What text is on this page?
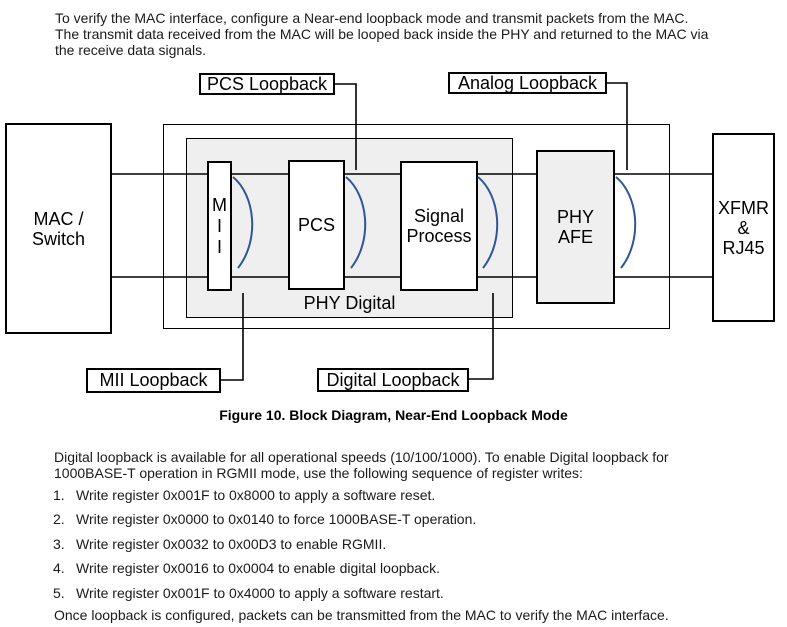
To verify the MAC interface, configure a Near-end loopback mode and transmit packets from the MAC.
The transmit data received from the MAC will be looped back inside the PHY and returned to the MAC via
the receive data signals.
PHY Digital
MAC /
Switch
M
I
I
PCS	Signal
Process
PHY
AFE
XFMR
&
RJ45
PCS Loopback	Analog Loopback
MII Loopback	Digital Loopback
Figure 10. Block Diagram, Near-End Loopback Mode
Digital loopback is available for all operational speeds (10/100/1000). To enable Digital loopback for
1000BASE-T operation in RGMII mode, use the following sequence of register writes:
1. Write register 0x001F to 0x8000 to apply a software reset.
2. Write register 0x0000 to 0x0140 to force 1000BASE-T operation.
3. Write register 0x0032 to 0x00D3 to enable RGMII.
4. Write register 0x0016 to 0x0004 to enable digital loopback.
5. Write register 0x001F to 0x4000 to apply a software restart.
Once loopback is configured, packets can be transmitted from the MAC to verify the MAC interface.
